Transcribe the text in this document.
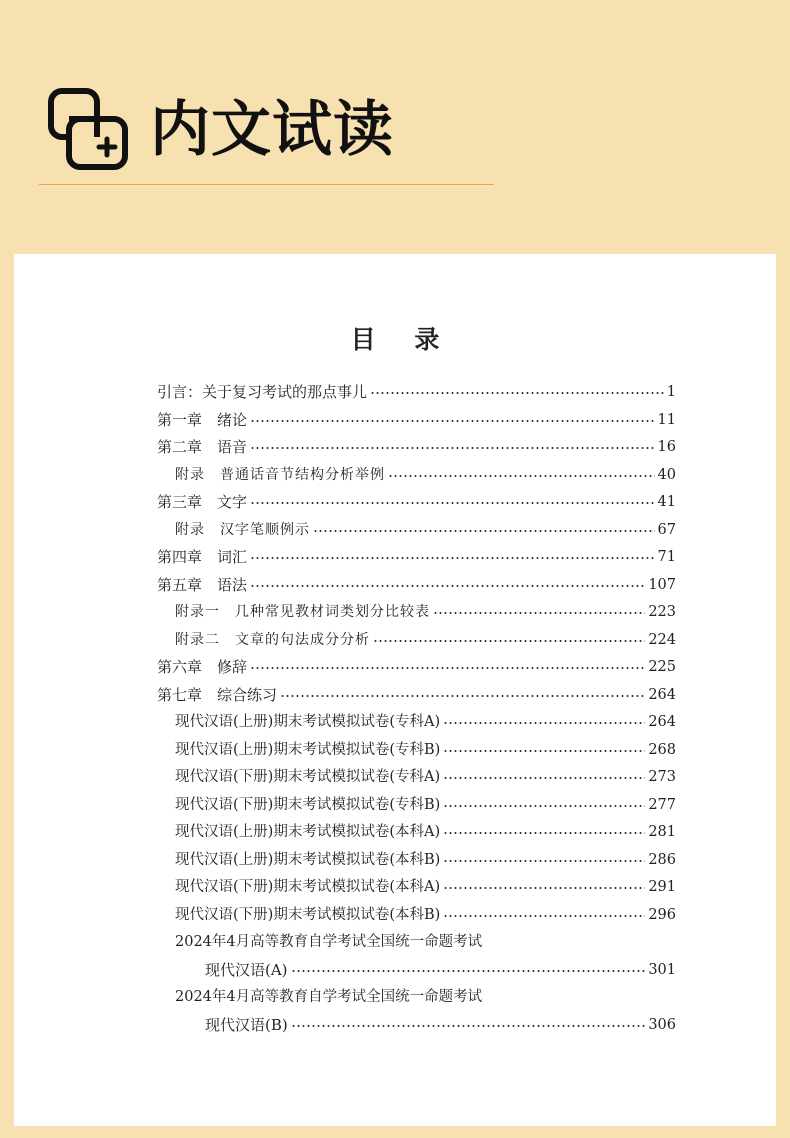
内文试读
目 录
引言：关于复习考试的那点事儿	1
第一章　绪论	11
第二章　语音	16
附录　普通话音节结构分析举例	40
第三章　文字	41
附录　汉字笔顺例示	67
第四章　词汇	71
第五章　语法	107
附录一　几种常见教材词类划分比较表	223
附录二　文章的句法成分分析	224
第六章　修辞	225
第七章　综合练习	264
现代汉语(上册)期末考试模拟试卷(专科A)	264
现代汉语(上册)期末考试模拟试卷(专科B)	268
现代汉语(下册)期末考试模拟试卷(专科A)	273
现代汉语(下册)期末考试模拟试卷(专科B)	277
现代汉语(上册)期末考试模拟试卷(本科A)	281
现代汉语(上册)期末考试模拟试卷(本科B)	286
现代汉语(下册)期末考试模拟试卷(本科A)	291
现代汉语(下册)期末考试模拟试卷(本科B)	296
2024年4月高等教育自学考试全国统一命题考试
现代汉语(A)	301
2024年4月高等教育自学考试全国统一命题考试
现代汉语(B)	306
